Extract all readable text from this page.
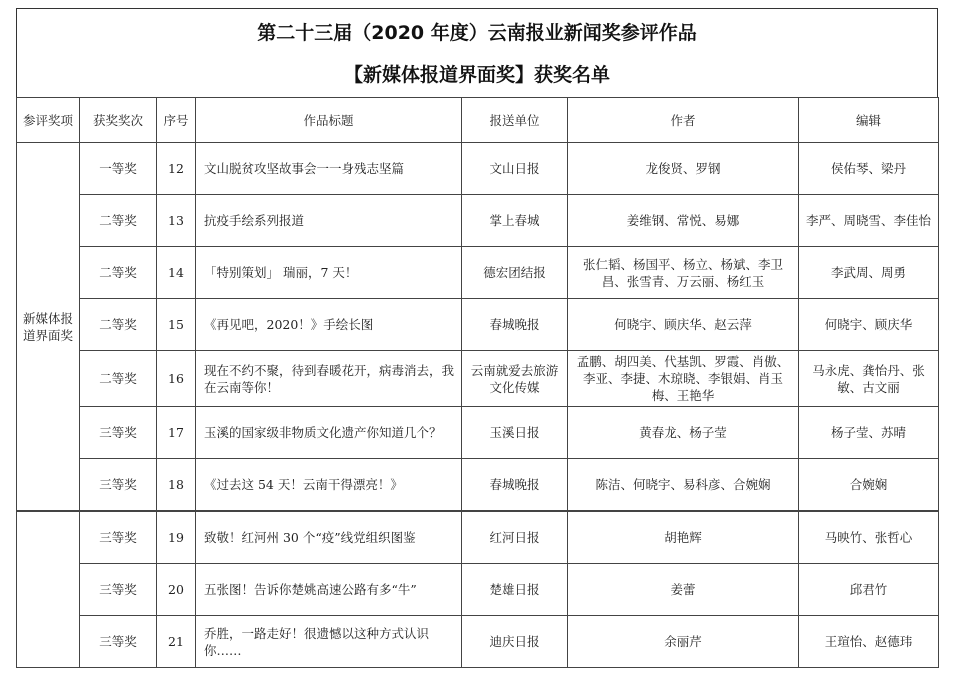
第二十三届（2020 年度）云南报业新闻奖参评作品
【新媒体报道界面奖】获奖名单
参评奖项	获奖奖次	序号	作品标题	报送单位	作者	编辑
新媒体报道界面奖	一等奖	12	文山脱贫攻坚故事会一一身残志坚篇	文山日报	龙俊贤、罗钢	侯佑琴、梁丹
	二等奖	13	抗疫手绘系列报道	掌上春城	姜维钢、常悦、易娜	李严、周晓雪、李佳怡
	二等奖	14	「特别策划」 瑞丽，7 天！	德宏团结报	张仁韬、杨国平、杨立、杨斌、李卫昌、张雪青、万云丽、杨红玉	李武周、周勇
	二等奖	15	《再见吧，2020！》手绘长图	春城晚报	何晓宇、顾庆华、赵云萍	何晓宇、顾庆华
	二等奖	16	现在不约不聚，待到春暖花开，病毒消去，我在云南等你！	云南就爱去旅游文化传媒	孟鹏、胡四美、代基凯、罗霞、肖傲、李亚、李捷、木琼晓、李银娟、肖玉梅、王艳华	马永虎、龚怡丹、张敏、古文丽
	三等奖	17	玉溪的国家级非物质文化遗产你知道几个？	玉溪日报	黄春龙、杨子莹	杨子莹、苏晴
	三等奖	18	《过去这 54 天！云南干得漂亮！》	春城晚报	陈洁、何晓宇、易科彦、合婉娴	合婉娴
	三等奖	19	致敬！红河州 30 个“疫”线党组织图鉴	红河日报	胡艳辉	马映竹、张哲心
	三等奖	20	五张图！告诉你楚姚高速公路有多“牛”	楚雄日报	姜蕾	邱君竹
	三等奖	21	乔胜，一路走好！很遗憾以这种方式认识你……	迪庆日报	余丽芹	王瑄怡、赵德玮
